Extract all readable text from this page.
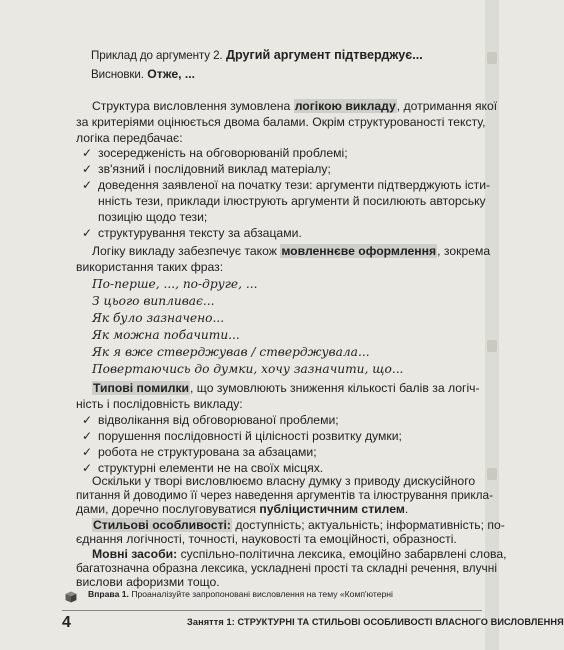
Приклад до аргументу 2. Другий аргумент підтверджує...
Висновки. Отже, ...
Структура висловлення зумовлена логікою викладу, дотримання якої
за критеріями оцінюється двома балами. Окрім структурованості тексту,
логіка передбачає:
✓ зосередженість на обговорюваній проблемі;
✓ зв'язний і послідовний виклад матеріалу;
✓ доведення заявленої на початку тези: аргументи підтверджують істи-
нність тези, приклади ілюструють аргументи й посилюють авторську
позицію щодо тези;
✓ структурування тексту за абзацами.
Логіку викладу забезпечує також мовленнєве оформлення, зокрема
використання таких фраз:
По-перше, ..., по-друге, ...
З цього випливає...
Як було зазначено...
Як можна побачити...
Як я вже стверджував / стверджувала...
Повертаючись до думки, хочу зазначити, що...
Типові помилки, що зумовлюють зниження кількості балів за логіч-
ність і послідовність викладу:
✓ відволікання від обговорюваної проблеми;
✓ порушення послідовності й цілісності розвитку думки;
✓ робота не структурована за абзацами;
✓ структурні елементи не на своїх місцях.
Оскільки у творі висловлюємо власну думку з приводу дискусійного
питання й доводимо її через наведення аргументів та ілюстрування прикла-
дами, доречно послуговуватися публіцистичним стилем.
Стильові особливості: доступність; актуальність; інформативність; по-
єднання логічності, точності, науковості та емоційності, образності.
Мовні засоби: суспільно-політична лексика, емоційно забарвлені слова,
багатозначна образна лексика, ускладнені прості та складні речення, влучні
вислови афоризми тощо.
Вправа 1. Проаналізуйте запропоновані висловлення на тему «Комп'ютерні
4	Заняття 1: СТРУКТУРНІ ТА СТИЛЬОВІ ОСОБЛИВОСТІ ВЛАСНОГО ВИСЛОВЛЕННЯ
